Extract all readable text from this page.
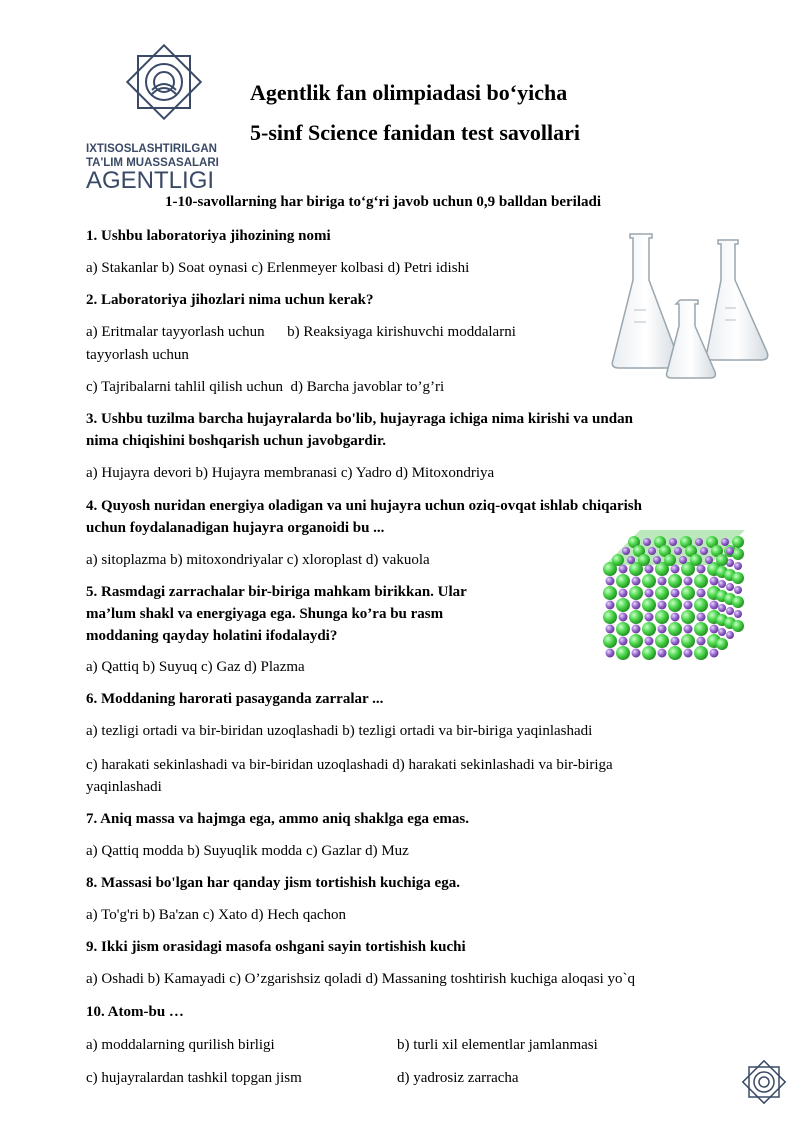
IXTISOSLASHTIRILGAN
TA'LIM MUASSASALARI
AGENTLIGI
Agentlik fan olimpiadasi bo‘yicha
5-sinf Science fanidan test savollari
1-10-savollarning har biriga to‘g‘ri javob uchun 0,9 balldan beriladi
1. Ushbu laboratoriya jihozining nomi
a) Stakanlar b) Soat oynasi c) Erlenmeyer kolbasi d) Petri idishi
2. Laboratoriya jihozlari nima uchun kerak?
a) Eritmalar tayyorlash uchun      b) Reaksiyaga kirishuvchi moddalarni
tayyorlash uchun
c) Tajribalarni tahlil qilish uchun  d) Barcha javoblar to’g’ri
3. Ushbu tuzilma barcha hujayralarda bo'lib, hujayraga ichiga nima kirishi va undan
nima chiqishini boshqarish uchun javobgardir.
a) Hujayra devori b) Hujayra membranasi c) Yadro d) Mitoxondriya
4. Quyosh nuridan energiya oladigan va uni hujayra uchun oziq-ovqat ishlab chiqarish
uchun foydalanadigan hujayra organoidi bu ...
a) sitoplazma b) mitoxondriyalar c) xloroplast d) vakuola
5. Rasmdagi zarrachalar bir-biriga mahkam birikkan. Ular
ma’lum shakl va energiyaga ega. Shunga ko’ra bu rasm
moddaning qayday holatini ifodalaydi?
a) Qattiq b) Suyuq c) Gaz d) Plazma
6. Moddaning harorati pasayganda zarralar ...
a) tezligi ortadi va bir-biridan uzoqlashadi b) tezligi ortadi va bir-biriga yaqinlashadi
c) harakati sekinlashadi va bir-biridan uzoqlashadi d) harakati sekinlashadi va bir-biriga
yaqinlashadi
7. Aniq massa va hajmga ega, ammo aniq shaklga ega emas.
a) Qattiq modda b) Suyuqlik modda c) Gazlar d) Muz
8. Massasi bo'lgan har qanday jism tortishish kuchiga ega.
a) To'g'ri b) Ba'zan c) Xato d) Hech qachon
9. Ikki jism orasidagi masofa oshgani sayin tortishish kuchi
a) Oshadi b) Kamayadi c) O’zgarishsiz qoladi d) Massaning toshtirish kuchiga aloqasi yo`q
10. Atom-bu …
a) moddalarning qurilish birligi	b) turli xil elementlar jamlanmasi
c) hujayralardan tashkil topgan jism	d) yadrosiz zarracha
